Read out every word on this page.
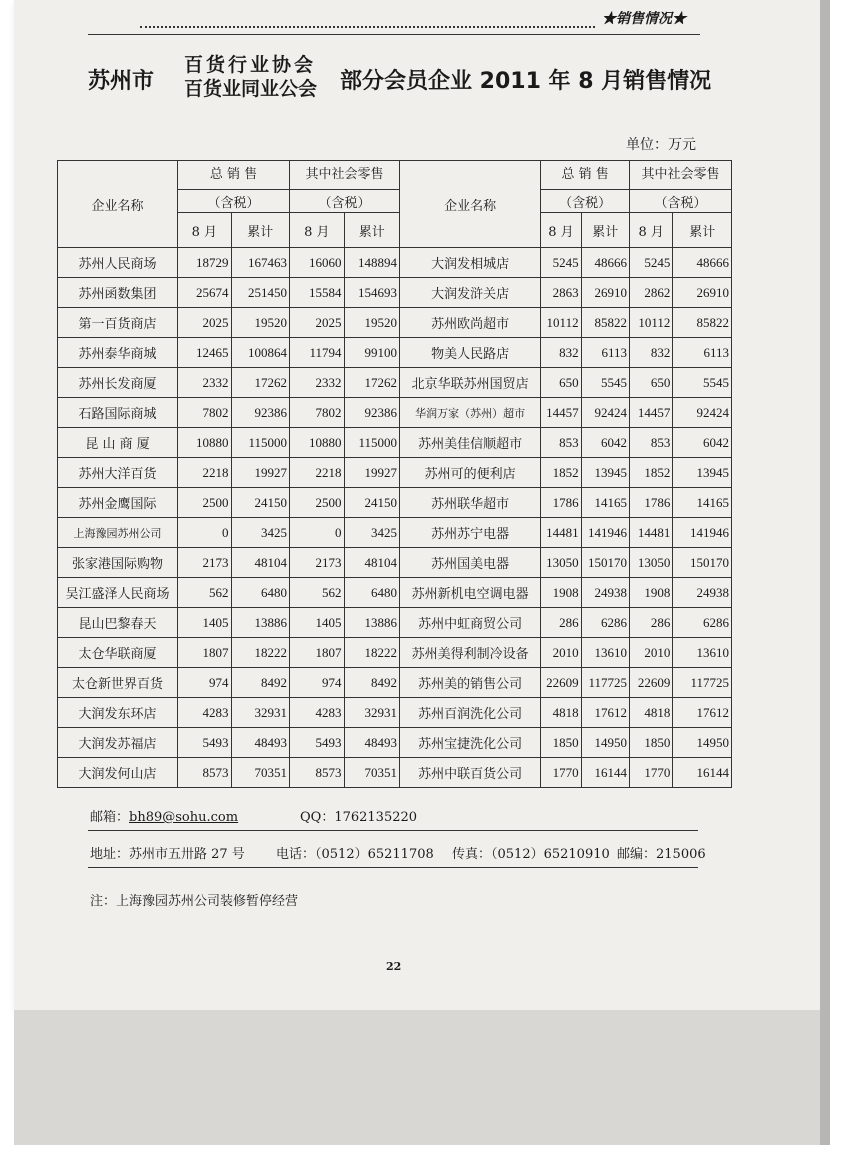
★销售情况★
苏州市
百货行业协会
百货业同业公会 部分会员企业 2011 年 8 月销售情况
单位：万元
企业名称	总 销 售		其中社会零售		企业名称	总 销 售		其中社会零售	

	（含税）		（含税）			（含税）		（含税）	
	8 月	累计	8 月	累计		8 月	累计	8 月	累计
苏州人民商场	18729	167463	16060	148894	大润发相城店	5245	48666	5245	48666
苏州函数集团	25674	251450	15584	154693	大润发浒关店	2863	26910	2862	26910
第一百货商店	2025	19520	2025	19520	苏州欧尚超市	10112	85822	10112	85822
苏州泰华商城	12465	100864	11794	99100	物美人民路店	832	6113	832	6113
苏州长发商厦	2332	17262	2332	17262	北京华联苏州国贸店	650	5545	650	5545
石路国际商城	7802	92386	7802	92386	华润万家（苏州）超市	14457	92424	14457	92424
昆 山 商 厦	10880	115000	10880	115000	苏州美佳信顺超市	853	6042	853	6042
苏州大洋百货	2218	19927	2218	19927	苏州可的便利店	1852	13945	1852	13945
苏州金鹰国际	2500	24150	2500	24150	苏州联华超市	1786	14165	1786	14165
上海豫园苏州公司	0	3425	0	3425	苏州苏宁电器	14481	141946	14481	141946
张家港国际购物	2173	48104	2173	48104	苏州国美电器	13050	150170	13050	150170
吴江盛泽人民商场	562	6480	562	6480	苏州新机电空调电器	1908	24938	1908	24938
昆山巴黎春天	1405	13886	1405	13886	苏州中虹商贸公司	286	6286	286	6286
太仓华联商厦	1807	18222	1807	18222	苏州美得利制冷设备	2010	13610	2010	13610
太仓新世界百货	974	8492	974	8492	苏州美的销售公司	22609	117725	22609	117725
大润发东环店	4283	32931	4283	32931	苏州百润洗化公司	4818	17612	4818	17612
大润发苏福店	5493	48493	5493	48493	苏州宝捷洗化公司	1850	14950	1850	14950
大润发何山店	8573	70351	8573	70351	苏州中联百货公司	1770	16144	1770	16144
邮箱：bh89@sohu.com	QQ：1762135220
地址：苏州市五卅路 27 号 电话：（0512）65211708 传真：（0512）65210910 邮编：215006
注：上海豫园苏州公司装修暂停经营
22
